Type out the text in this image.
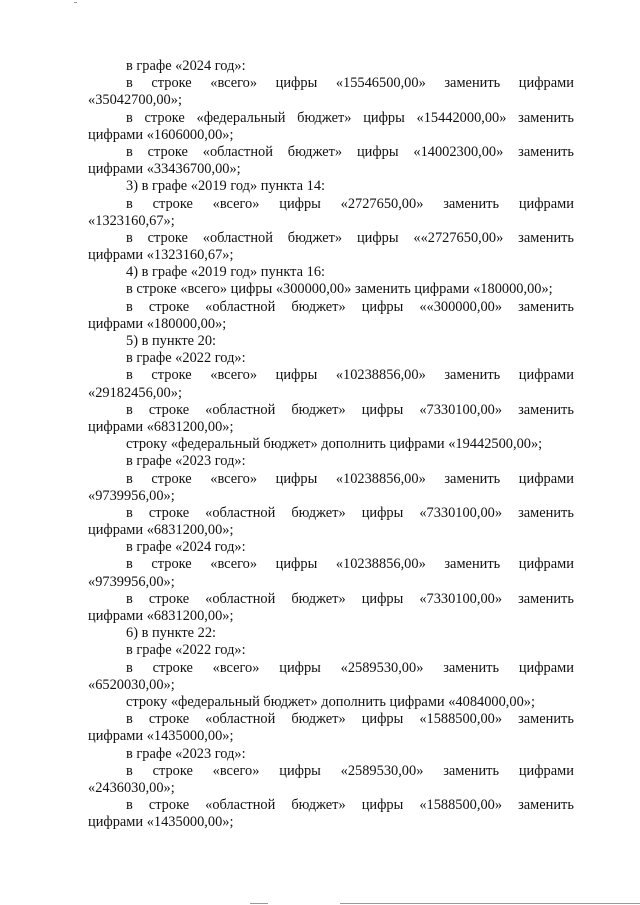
в графе «2024 год»:
в строке «всего» цифры «15546500,00» заменить цифрами
«35042700,00»;
в строке «федеральный бюджет» цифры «15442000,00» заменить
цифрами «1606000,00»;
в строке «областной бюджет» цифры «14002300,00» заменить
цифрами «33436700,00»;
3) в графе «2019 год» пункта 14:
в строке «всего» цифры «2727650,00» заменить цифрами
«1323160,67»;
в строке «областной бюджет» цифры ««2727650,00» заменить
цифрами «1323160,67»;
4) в графе «2019 год» пункта 16:
в строке «всего» цифры «300000,00» заменить цифрами «180000,00»;
в строке «областной бюджет» цифры ««300000,00» заменить
цифрами «180000,00»;
5) в пункте 20:
в графе «2022 год»:
в строке «всего» цифры «10238856,00» заменить цифрами
«29182456,00»;
в строке «областной бюджет» цифры «7330100,00» заменить
цифрами «6831200,00»;
строку «федеральный бюджет» дополнить цифрами «19442500,00»;
в графе «2023 год»:
в строке «всего» цифры «10238856,00» заменить цифрами
«9739956,00»;
в строке «областной бюджет» цифры «7330100,00» заменить
цифрами «6831200,00»;
в графе «2024 год»:
в строке «всего» цифры «10238856,00» заменить цифрами
«9739956,00»;
в строке «областной бюджет» цифры «7330100,00» заменить
цифрами «6831200,00»;
6) в пункте 22:
в графе «2022 год»:
в строке «всего» цифры «2589530,00» заменить цифрами
«6520030,00»;
строку «федеральный бюджет» дополнить цифрами «4084000,00»;
в строке «областной бюджет» цифры «1588500,00» заменить
цифрами «1435000,00»;
в графе «2023 год»:
в строке «всего» цифры «2589530,00» заменить цифрами
«2436030,00»;
в строке «областной бюджет» цифры «1588500,00» заменить
цифрами «1435000,00»;
